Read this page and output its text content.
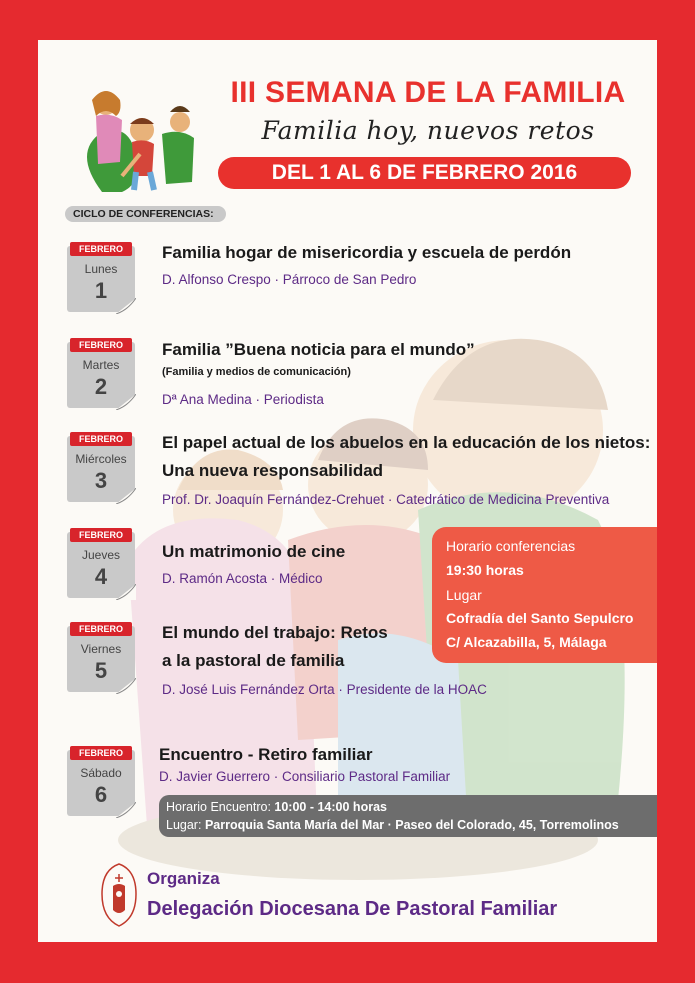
III SEMANA DE LA FAMILIA
Familia hoy, nuevos retos
DEL 1 AL 6 DE FEBRERO 2016
CICLO DE CONFERENCIAS:
FEBRERO
Lunes
1
Familia hogar de misericordia y escuela de perdón
D. Alfonso Crespo · Párroco de San Pedro
FEBRERO
Martes
2
Familia ”Buena noticia para el mundo”
(Familia y medios de comunicación)
Dª Ana Medina · Periodista
FEBRERO
Miércoles
3
El papel actual de los abuelos en la educación de los nietos:
Una nueva responsabilidad
Prof. Dr. Joaquín Fernández-Crehuet · Catedrático de Medicina Preventiva
FEBRERO
Jueves
4
Un matrimonio de cine
D. Ramón Acosta · Médico
Horario conferencias
19:30 horas
Lugar
Cofradía del Santo Sepulcro
C/ Alcazabilla, 5, Málaga
FEBRERO
Viernes
5
El mundo del trabajo: Retos
a la pastoral de familia
D. José Luis Fernández Orta · Presidente de la HOAC
FEBRERO
Sábado
6
Encuentro - Retiro familiar
D. Javier Guerrero · Consiliario Pastoral Familiar
Horario Encuentro: 10:00 - 14:00 horas
Lugar: Parroquia Santa María del Mar · Paseo del Colorado, 45, Torremolinos
Organiza
Delegación Diocesana De Pastoral Familiar
